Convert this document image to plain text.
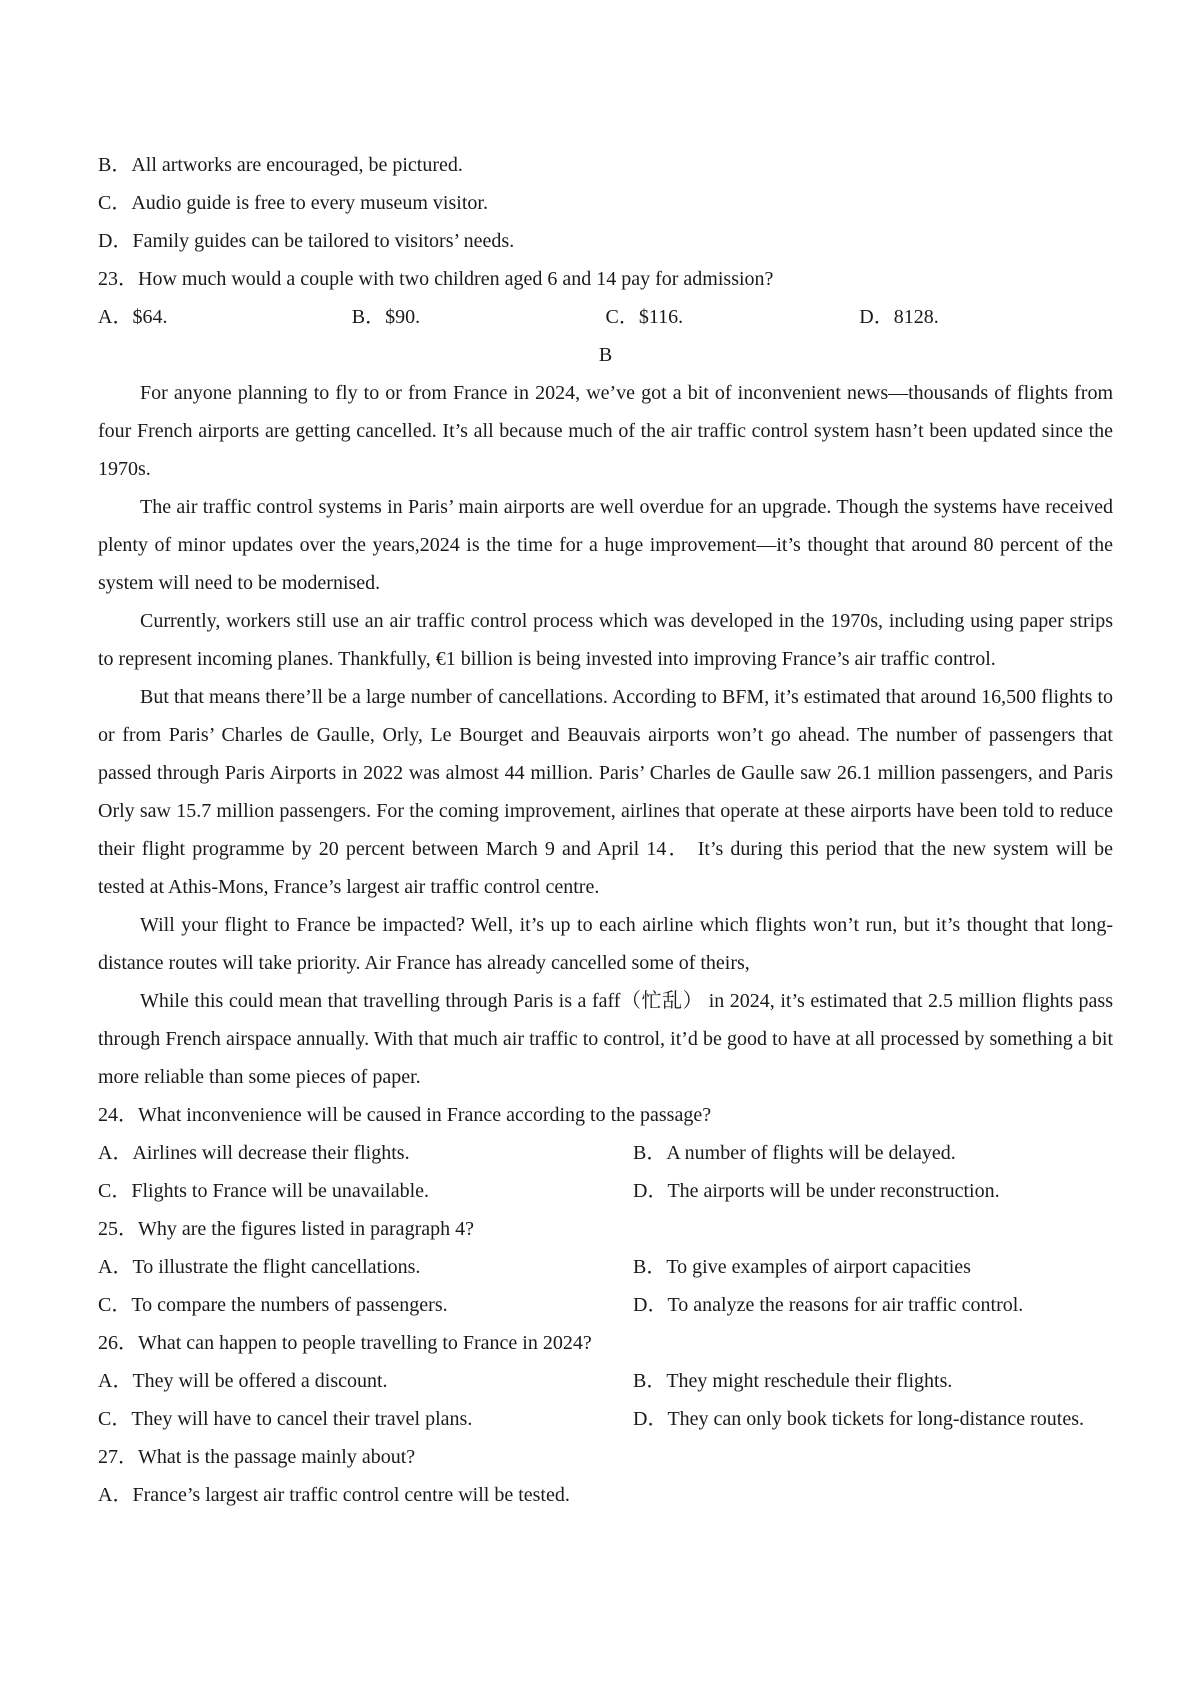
B．All artworks are encouraged, be pictured.
C．Audio guide is free to every museum visitor.
D．Family guides can be tailored to visitors’ needs.
23．How much would a couple with two children aged 6 and 14 pay for admission?
A．$64.	B．$90.	C．$116.	D．8128.
B

For anyone planning to fly to or from France in 2024, we’ve got a bit of inconvenient news—thousands of flights from four French airports are getting cancelled. It’s all because much of the air traffic control system hasn’t been updated since the 1970s.

The air traffic control systems in Paris’ main airports are well overdue for an upgrade. Though the systems have received plenty of minor updates over the years,2024 is the time for a huge improvement—it’s thought that around 80 percent of the system will need to be modernised.

Currently, workers still use an air traffic control process which was developed in the 1970s, including using paper strips to represent incoming planes. Thankfully, €1 billion is being invested into improving France’s air traffic control.

But that means there’ll be a large number of cancellations. According to BFM, it’s estimated that around 16,500 flights to or from Paris’ Charles de Gaulle, Orly, Le Bourget and Beauvais airports won’t go ahead. The number of passengers that passed through Paris Airports in 2022 was almost 44 million. Paris’ Charles de Gaulle saw 26.1 million passengers, and Paris Orly saw 15.7 million passengers. For the coming improvement, airlines that operate at these airports have been told to reduce their flight programme by 20 percent between March 9 and April 14． It’s during this period that the new system will be tested at Athis-Mons, France’s largest air traffic control centre.

Will your flight to France be impacted? Well, it’s up to each airline which flights won’t run, but it’s thought that long-distance routes will take priority. Air France has already cancelled some of theirs,

While this could mean that travelling through Paris is a faff（忙乱） in 2024, it’s estimated that 2.5 million flights pass through French airspace annually. With that much air traffic to control, it’d be good to have at all processed by something a bit more reliable than some pieces of paper.

24．What inconvenience will be caused in France according to the passage?
A．Airlines will decrease their flights.	B．A number of flights will be delayed.
C．Flights to France will be unavailable.	D．The airports will be under reconstruction.
25．Why are the figures listed in paragraph 4?
A．To illustrate the flight cancellations.	B．To give examples of airport capacities
C．To compare the numbers of passengers.	D．To analyze the reasons for air traffic control.
26．What can happen to people travelling to France in 2024?
A．They will be offered a discount.	B．They might reschedule their flights.
C．They will have to cancel their travel plans.	D．They can only book tickets for long-distance routes.
27．What is the passage mainly about?
A．France’s largest air traffic control centre will be tested.
